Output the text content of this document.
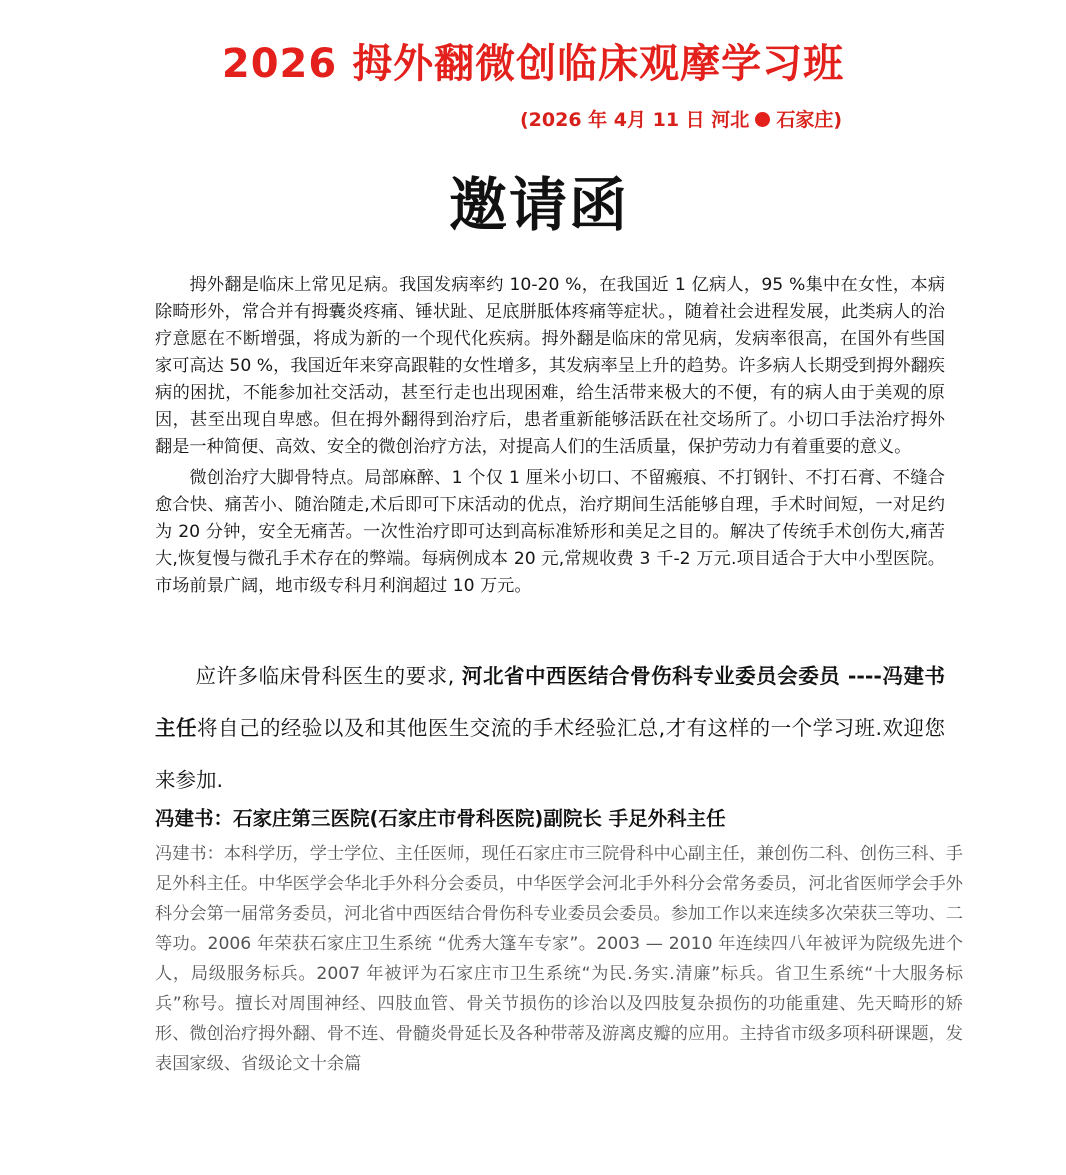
2026 拇外翻微创临床观摩学习班
(2026 年 4月 11 日 河北 石家庄)
邀请函

拇外翻是临床上常见足病。我国发病率约 10-20 %，在我国近 1 亿病人，95 %集中在女性，本病除畸形外，常合并有拇囊炎疼痛、锤状趾、足底胼胝体疼痛等症状。，随着社会进程发展，此类病人的治疗意愿在不断增强，将成为新的一个现代化疾病。拇外翻是临床的常见病，发病率很高，在国外有些国家可高达 50 %，我国近年来穿高跟鞋的女性增多，其发病率呈上升的趋势。许多病人长期受到拇外翻疾病的困扰，不能参加社交活动，甚至行走也出现困难，给生活带来极大的不便，有的病人由于美观的原因，甚至出现自卑感。但在拇外翻得到治疗后，患者重新能够活跃在社交场所了。小切口手法治疗拇外翻是一种简便、高效、安全的微创治疗方法，对提高人们的生活质量，保护劳动力有着重要的意义。

微创治疗大脚骨特点。局部麻醉、1 个仅 1 厘米小切口、不留瘢痕、不打钢针、不打石膏、不缝合愈合快、痛苦小、随治随走,术后即可下床活动的优点，治疗期间生活能够自理，手术时间短，一对足约为 20 分钟，安全无痛苦。一次性治疗即可达到高标准矫形和美足之目的。解决了传统手术创伤大,痛苦大,恢复慢与微孔手术存在的弊端。每病例成本 20 元,常规收费 3 千-2 万元.项目适合于大中小型医院。市场前景广阔，地市级专科月利润超过 10 万元。

应许多临床骨科医生的要求, 河北省中西医结合骨伤科专业委员会委员 ----冯建书主任将自己的经验以及和其他医生交流的手术经验汇总,才有这样的一个学习班.欢迎您来参加.

冯建书：石家庄第三医院(石家庄市骨科医院)副院长 手足外科主任

冯建书：本科学历，学士学位、主任医师，现任石家庄市三院骨科中心副主任，兼创伤二科、创伤三科、手足外科主任。中华医学会华北手外科分会委员，中华医学会河北手外科分会常务委员，河北省医师学会手外科分会第一届常务委员，河北省中西医结合骨伤科专业委员会委员。参加工作以来连续多次荣获三等功、二等功。2006 年荣获石家庄卫生系统 “优秀大篷车专家”。2003 — 2010 年连续四八年被评为院级先进个人，局级服务标兵。2007 年被评为石家庄市卫生系统“为民.务实.清廉”标兵。省卫生系统“十大服务标兵”称号。擅长对周围神经、四肢血管、骨关节损伤的诊治以及四肢复杂损伤的功能重建、先天畸形的矫形、微创治疗拇外翻、骨不连、骨髓炎骨延长及各种带蒂及游离皮瓣的应用。主持省市级多项科研课题，发表国家级、省级论文十余篇
